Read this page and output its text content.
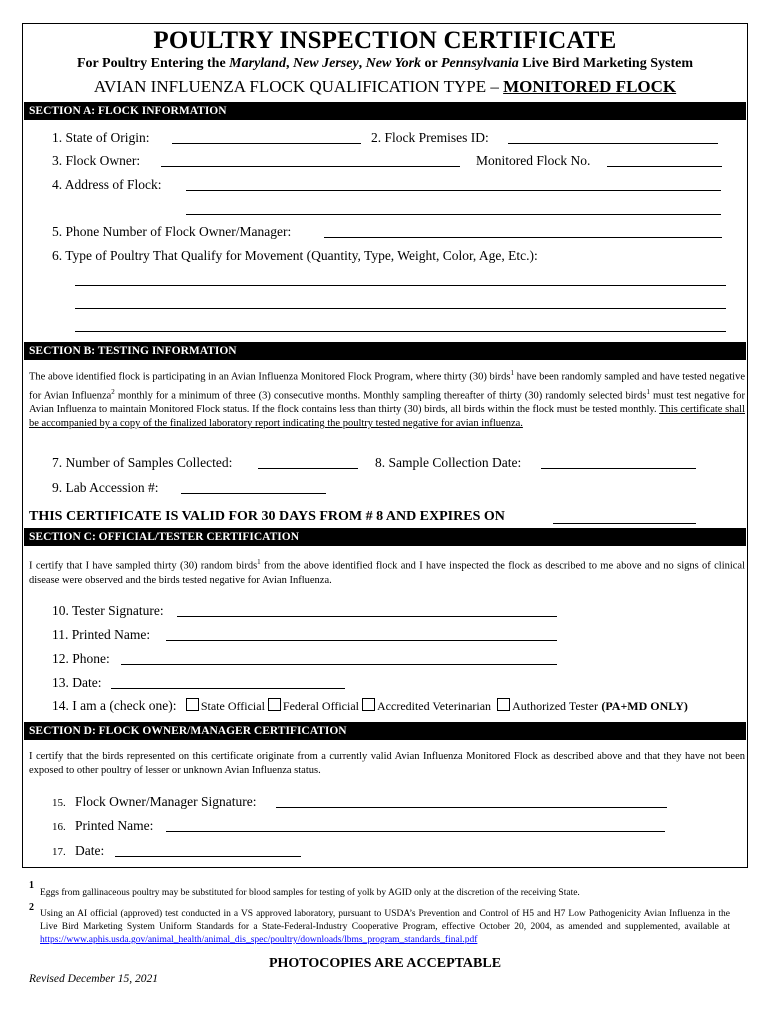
POULTRY INSPECTION CERTIFICATE
For Poultry Entering the Maryland, New Jersey, New York or Pennsylvania Live Bird Marketing System
AVIAN INFLUENZA FLOCK QUALIFICATION TYPE – MONITORED FLOCK
SECTION A: FLOCK INFORMATION
1. State of Origin:	2. Flock Premises ID:
3. Flock Owner:	Monitored Flock No.
4. Address of Flock:
5. Phone Number of Flock Owner/Manager:
6. Type of Poultry That Qualify for Movement (Quantity, Type, Weight, Color, Age, Etc.):
SECTION B: TESTING INFORMATION
The above identified flock is participating in an Avian Influenza Monitored Flock Program, where thirty (30) birds$^1$ have been randomly sampled and have tested negative for Avian Influenza$^2$ monthly for a minimum of three (3) consecutive months. Monthly sampling thereafter of thirty (30) randomly selected birds$^1$ must test negative for Avian Influenza to maintain Monitored Flock status. If the flock contains less than thirty (30) birds, all birds within the flock must be tested monthly. This certificate shall be accompanied by a copy of the finalized laboratory report indicating the poultry tested negative for avian influenza.
7. Number of Samples Collected:	8. Sample Collection Date:
9. Lab Accession #:
THIS CERTIFICATE IS VALID FOR 30 DAYS FROM # 8 AND EXPIRES ON
SECTION C: OFFICIAL/TESTER CERTIFICATION
I certify that I have sampled thirty (30) random birds$^1$ from the above identified flock and I have inspected the flock as described to me above and no signs of clinical disease were observed and the birds tested negative for Avian Influenza.
10. Tester Signature:
11. Printed Name:
12. Phone:
13. Date:
14. I am a (check one): State Official Federal Official Accredited Veterinarian Authorized Tester (PA+MD ONLY)
SECTION D: FLOCK OWNER/MANAGER CERTIFICATION
I certify that the birds represented on this certificate originate from a currently valid Avian Influenza Monitored Flock as described above and that they have not been exposed to other poultry of lesser or unknown Avian Influenza status.
15. Flock Owner/Manager Signature:
16. Printed Name:
17. Date:
1
Eggs from gallinaceous poultry may be substituted for blood samples for testing of yolk by AGID only at the discretion of the receiving State.
2
Using an AI official (approved) test conducted in a VS approved laboratory, pursuant to USDA’s Prevention and Control of H5 and H7 Low Pathogenicity Avian Influenza in the Live Bird Marketing System Uniform Standards for a State-Federal-Industry Cooperative Program, effective October 20, 2004, as amended and supplemented, available at https://www.aphis.usda.gov/animal_health/animal_dis_spec/poultry/downloads/lbms_program_standards_final.pdf
PHOTOCOPIES ARE ACCEPTABLE
Revised December 15, 2021
